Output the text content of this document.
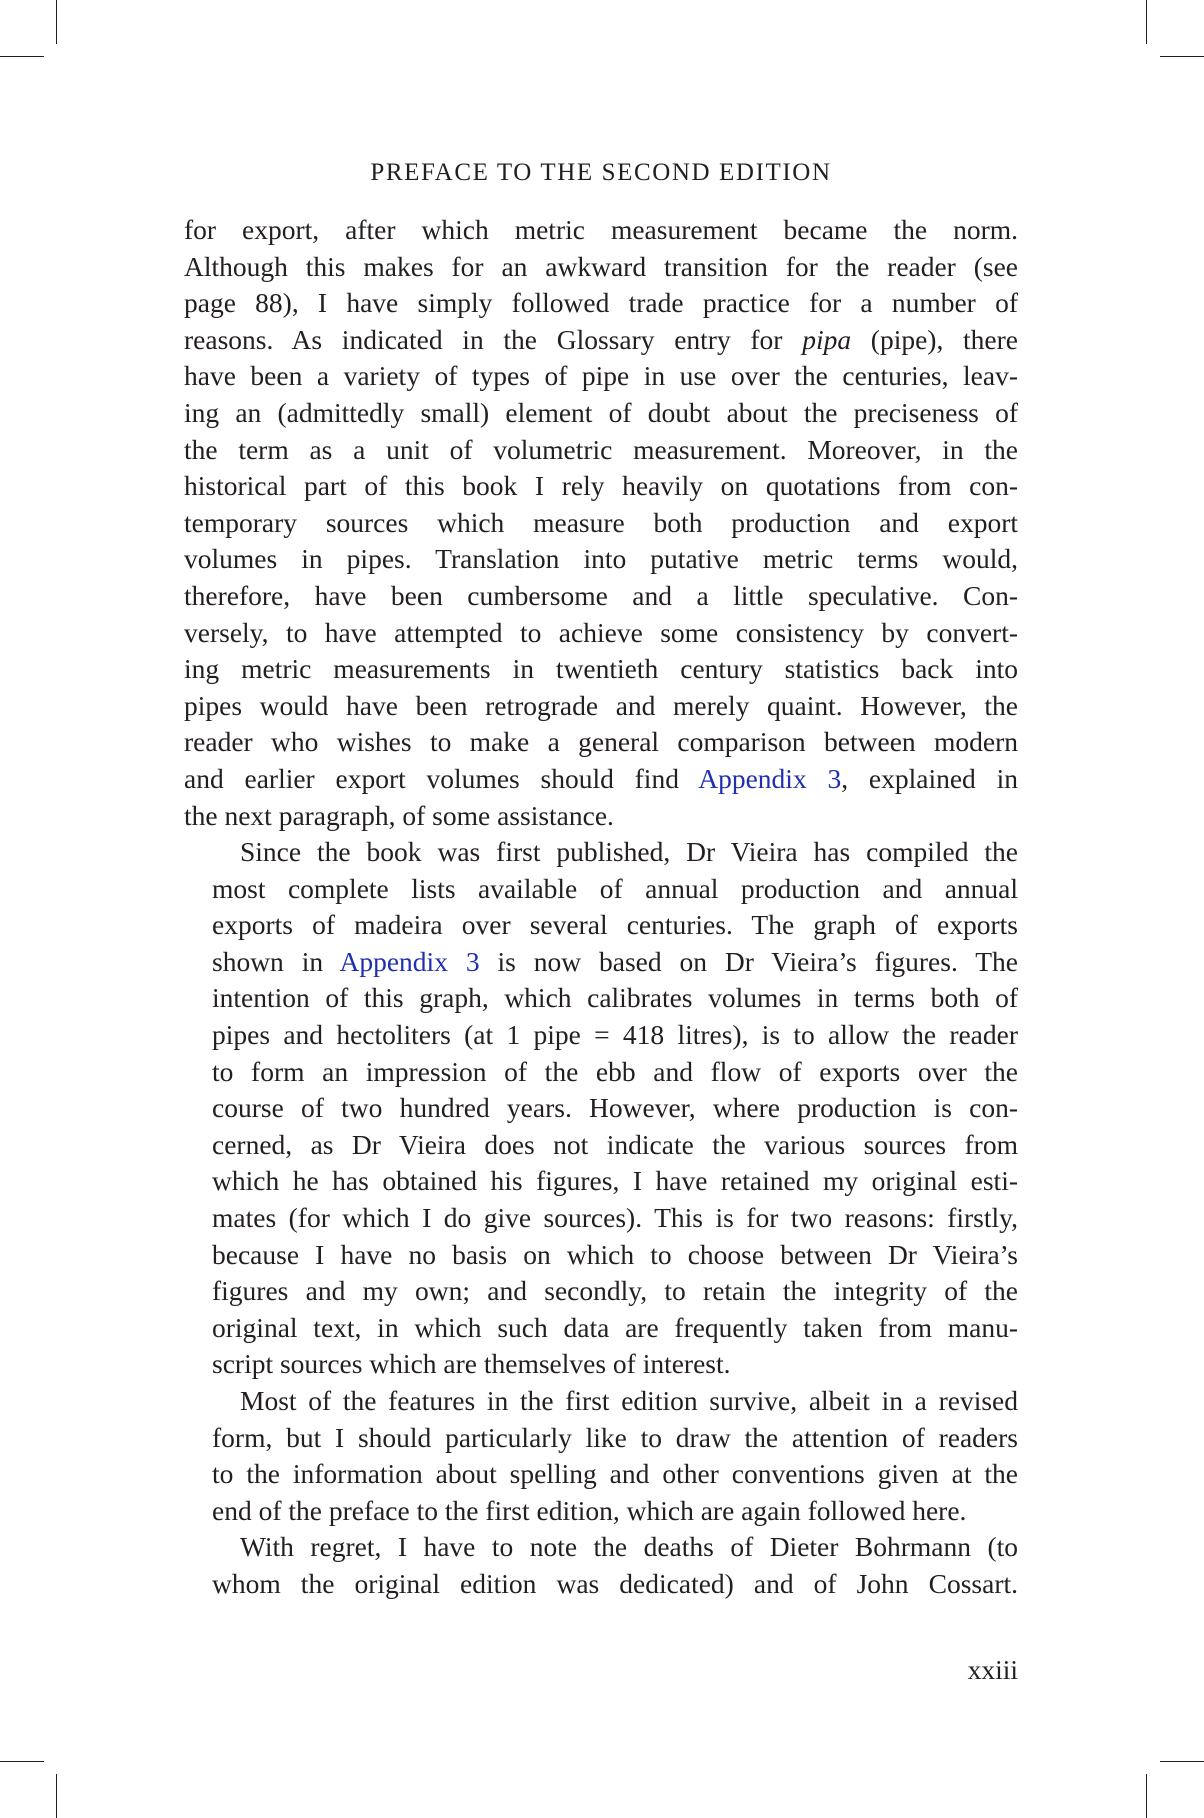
PREFACE TO THE SECOND EDITION
for export, after which metric measurement became the norm.
Although this makes for an awkward transition for the reader (see
page 88), I have simply followed trade practice for a number of
reasons. As indicated in the Glossary entry for pipa (pipe), there
have been a variety of types of pipe in use over the centuries, leav-
ing an (admittedly small) element of doubt about the preciseness of
the term as a unit of volumetric measurement. Moreover, in the
historical part of this book I rely heavily on quotations from con-
temporary sources which measure both production and export
volumes in pipes. Translation into putative metric terms would,
therefore, have been cumbersome and a little speculative. Con-
versely, to have attempted to achieve some consistency by convert-
ing metric measurements in twentieth century statistics back into
pipes would have been retrograde and merely quaint. However, the
reader who wishes to make a general comparison between modern
and earlier export volumes should find Appendix 3, explained in
the next paragraph, of some assistance.
Since the book was first published, Dr Vieira has compiled the
most complete lists available of annual production and annual
exports of madeira over several centuries. The graph of exports
shown in Appendix 3 is now based on Dr Vieira’s figures. The
intention of this graph, which calibrates volumes in terms both of
pipes and hectoliters (at 1 pipe = 418 litres), is to allow the reader
to form an impression of the ebb and flow of exports over the
course of two hundred years. However, where production is con-
cerned, as Dr Vieira does not indicate the various sources from
which he has obtained his figures, I have retained my original esti-
mates (for which I do give sources). This is for two reasons: firstly,
because I have no basis on which to choose between Dr Vieira’s
figures and my own; and secondly, to retain the integrity of the
original text, in which such data are frequently taken from manu-
script sources which are themselves of interest.
Most of the features in the first edition survive, albeit in a revised
form, but I should particularly like to draw the attention of readers
to the information about spelling and other conventions given at the
end of the preface to the first edition, which are again followed here.
With regret, I have to note the deaths of Dieter Bohrmann (to
whom the original edition was dedicated) and of John Cossart.
xxiii
